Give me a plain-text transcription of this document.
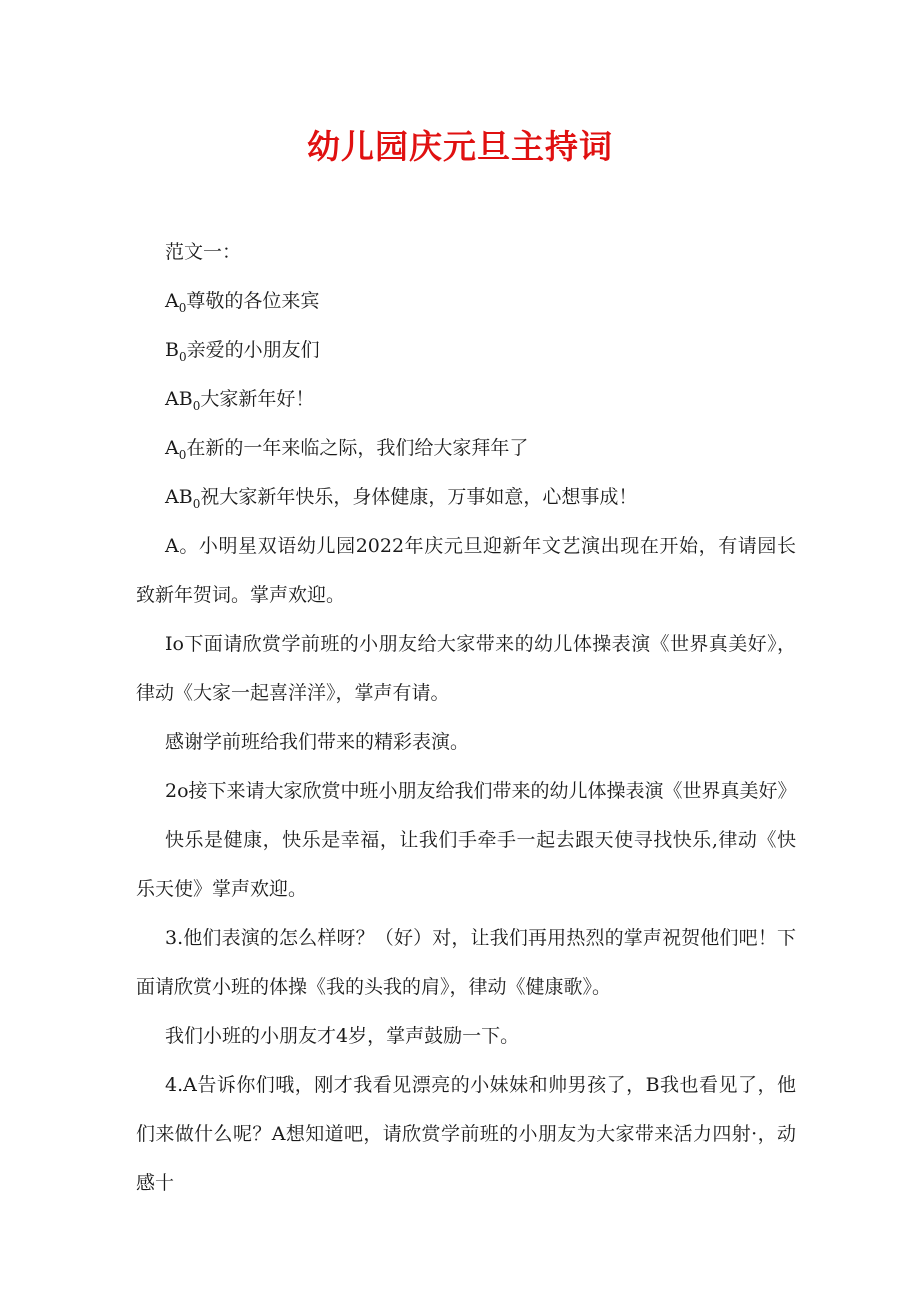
幼儿园庆元旦主持词

范文一：

$A_0$尊敬的各位来宾

$B_0$亲爱的小朋友们

$AB_0$大家新年好！

$A_0$在新的一年来临之际，我们给大家拜年了

$AB_0$祝大家新年快乐，身体健康，万事如意，心想事成！

A。小明星双语幼儿园2022年庆元旦迎新年文艺演出现在开始，有请园长致新年贺词。掌声欢迎。

Io下面请欣赏学前班的小朋友给大家带来的幼儿体操表演《世界真美好》，律动《大家一起喜洋洋》，掌声有请。

感谢学前班给我们带来的精彩表演。

2o接下来请大家欣赏中班小朋友给我们带来的幼儿体操表演《世界真美好》

快乐是健康，快乐是幸福，让我们手牵手一起去跟天使寻找快乐,律动《快乐天使》掌声欢迎。

3.他们表演的怎么样呀？（好）对，让我们再用热烈的掌声祝贺他们吧！下面请欣赏小班的体操《我的头我的肩》，律动《健康歌》。

我们小班的小朋友才4岁，掌声鼓励一下。

4.A告诉你们哦，刚才我看见漂亮的小妹妹和帅男孩了，B我也看见了，他们来做什么呢？A想知道吧，请欣赏学前班的小朋友为大家带来活力四射·，动感十
